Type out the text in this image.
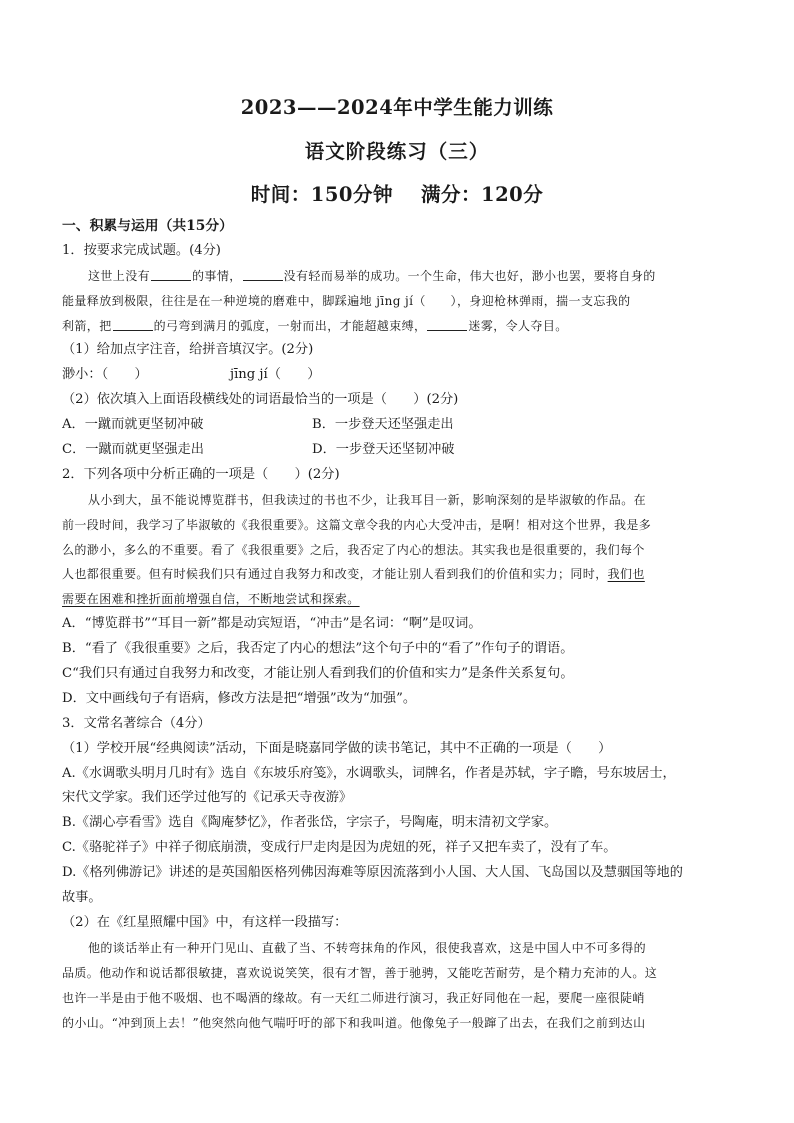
2023——2024年中学生能力训练
语文阶段练习（三）
时间：150分钟 满分：120分
一、积累与运用（共15分）
1．按要求完成试题。(4分)
这世上没有	的事情，	没有轻而易举的成功。一个生命，伟大也好，渺小也罢，要将自身的
能量释放到极限，往往是在一种逆境的磨难中，脚踩遍地 jīng jí（　　），身迎枪林弹雨，揣一支忘我的
利箭，把	的弓弯到满月的弧度，一射而出，才能超越束缚，	迷雾，令人夺目。
（1）给加点字注音，给拼音填汉字。(2分)
渺小：（　　）	jīng jí（　　）
（2）依次填入上面语段横线处的词语最恰当的一项是（　　）(2分)
A．一蹴而就更坚韧冲破	B．一步登天还坚强走出
C．一蹴而就更坚强走出	D．一步登天还坚韧冲破
2．下列各项中分析正确的一项是（　　）(2分)
从小到大，虽不能说博览群书，但我读过的书也不少，让我耳目一新，影响深刻的是毕淑敏的作品。在
前一段时间，我学习了毕淑敏的《我很重要》。这篇文章令我的内心大受冲击，是啊！相对这个世界，我是多
么的渺小，多么的不重要。看了《我很重要》之后，我否定了内心的想法。其实我也是很重要的，我们每个
人也都很重要。但有时候我们只有通过自我努力和改变，才能让别人看到我们的价值和实力；同时，我们也
需要在困难和挫折面前增强自信，不断地尝试和探索。
A．“博览群书”“耳目一新”都是动宾短语，“冲击”是名词：“啊”是叹词。
B．“看了《我很重要》之后，我否定了内心的想法”这个句子中的“看了”作句子的谓语。
C“我们只有通过自我努力和改变，才能让别人看到我们的价值和实力”是条件关系复句。
D．文中画线句子有语病，修改方法是把“增强”改为“加强”。
3．文常名著综合（4分）
（1）学校开展“经典阅读”活动，下面是晓嘉同学做的读书笔记，其中不正确的一项是（　　）
A.《水调歌头明月几时有》选自《东坡乐府笺》，水调歌头，词牌名，作者是苏轼，字子瞻，号东坡居士，
宋代文学家。我们还学过他写的《记承天寺夜游》
B.《湖心亭看雪》选自《陶庵梦忆》，作者张岱，字宗子，号陶庵，明末清初文学家。
C.《骆驼祥子》中祥子彻底崩溃，变成行尸走肉是因为虎妞的死，祥子又把车卖了，没有了车。
D.《格列佛游记》讲述的是英国船医格列佛因海难等原因流落到小人国、大人国、飞岛国以及慧骃国等地的
故事。
（2）在《红星照耀中国》中，有这样一段描写：
他的谈话举止有一种开门见山、直截了当、不转弯抹角的作风，很使我喜欢，这是中国人中不可多得的
品质。他动作和说话都很敏捷，喜欢说说笑笑，很有才智，善于驰骋，又能吃苦耐劳，是个精力充沛的人。这
也许一半是由于他不吸烟、也不喝酒的缘故。有一天红二师进行演习，我正好同他在一起，要爬一座很陡峭
的小山。“冲到顶上去！”他突然向他气喘吁吁的部下和我叫道。他像兔子一般蹿了出去，在我们之前到达山
